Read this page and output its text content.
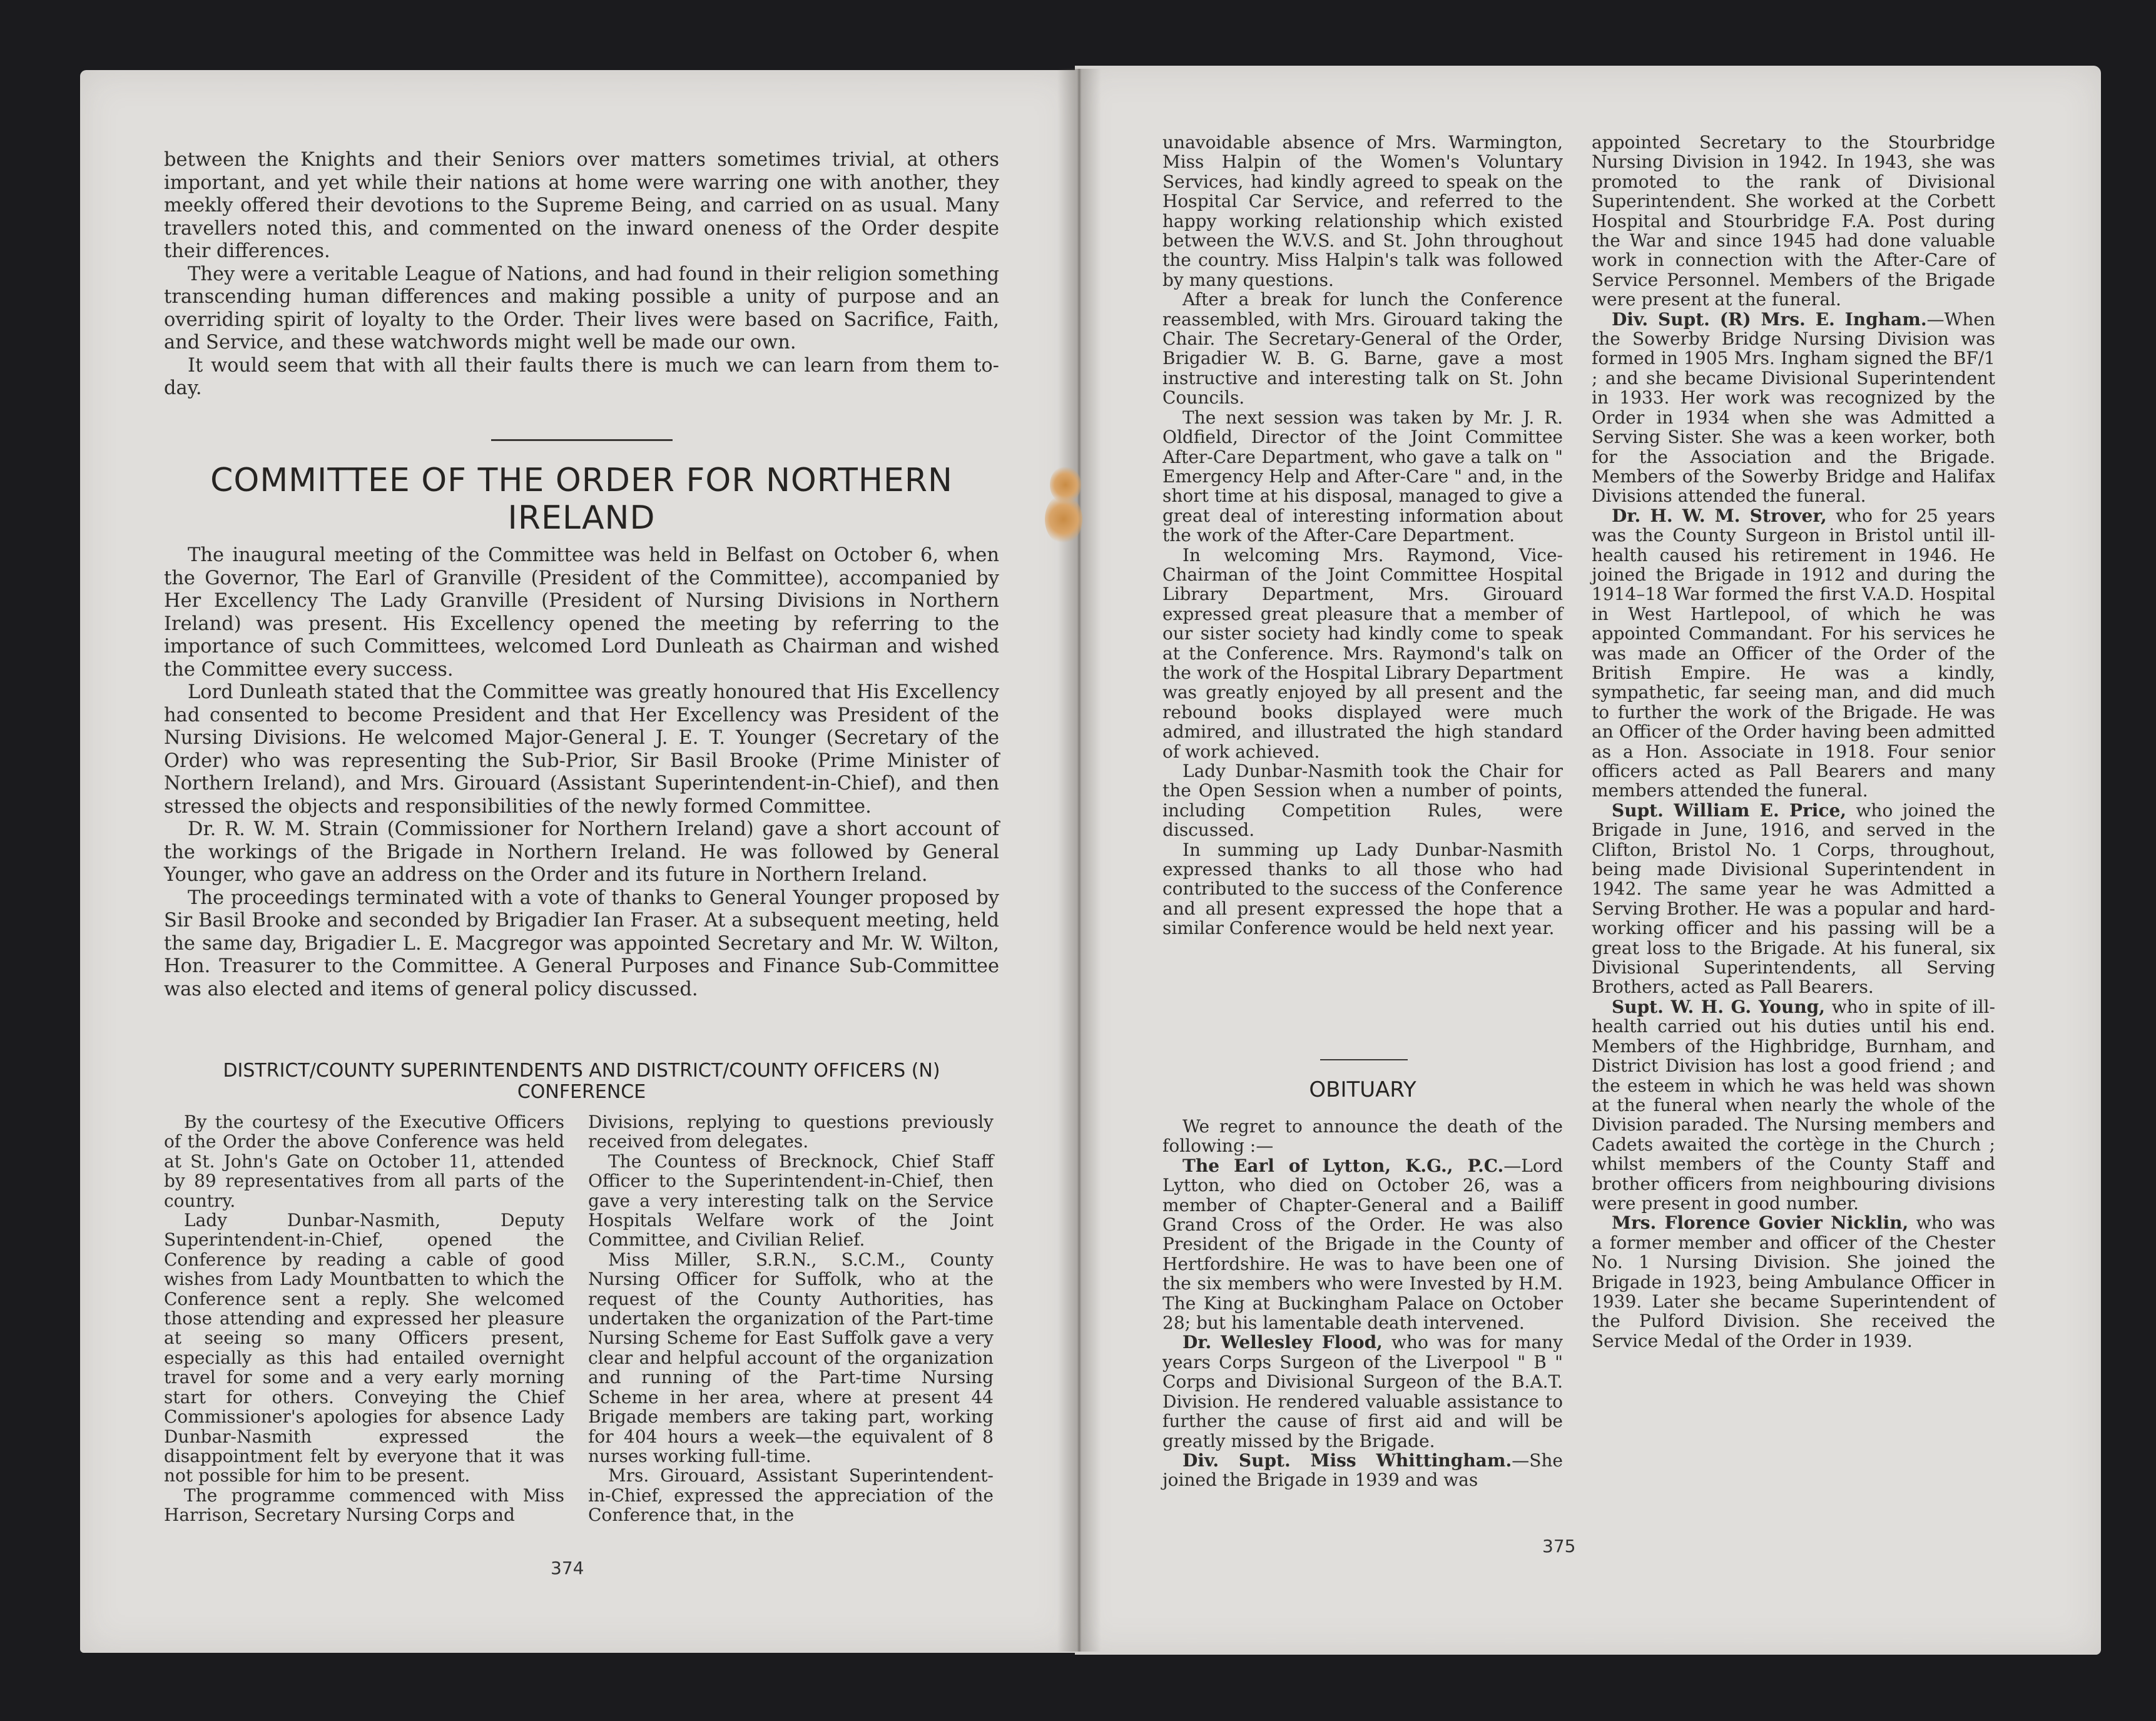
between the Knights and their Seniors over matters sometimes trivial, at others important, and yet while their nations at home were warring one with another, they meekly offered their devotions to the Supreme Being, and carried on as usual. Many travellers noted this, and commented on the inward oneness of the Order despite their differences.

They were a veritable League of Nations, and had found in their religion something transcending human differences and making possible a unity of purpose and an overriding spirit of loyalty to the Order. Their lives were based on Sacrifice, Faith, and Service, and these watchwords might well be made our own.

It would seem that with all their faults there is much we can learn from them to-day.

COMMITTEE OF THE ORDER FOR NORTHERN IRELAND

The inaugural meeting of the Committee was held in Belfast on October 6, when the Governor, The Earl of Granville (President of the Committee), accompanied by Her Excellency The Lady Granville (President of Nursing Divisions in Northern Ireland) was present. His Excellency opened the meeting by referring to the importance of such Committees, welcomed Lord Dunleath as Chairman and wished the Committee every success.

Lord Dunleath stated that the Committee was greatly honoured that His Excellency had consented to become President and that Her Excellency was President of the Nursing Divisions. He welcomed Major-General J. E. T. Younger (Secretary of the Order) who was representing the Sub-Prior, Sir Basil Brooke (Prime Minister of Northern Ireland), and Mrs. Girouard (Assistant Superintendent-in-Chief), and then stressed the objects and responsibilities of the newly formed Committee.

Dr. R. W. M. Strain (Commissioner for Northern Ireland) gave a short account of the workings of the Brigade in Northern Ireland. He was followed by General Younger, who gave an address on the Order and its future in Northern Ireland.

The proceedings terminated with a vote of thanks to General Younger proposed by Sir Basil Brooke and seconded by Brigadier Ian Fraser. At a subsequent meeting, held the same day, Brigadier L. E. Macgregor was appointed Secretary and Mr. W. Wilton, Hon. Treasurer to the Committee. A General Purposes and Finance Sub-Committee was also elected and items of general policy discussed.

DISTRICT/COUNTY SUPERINTENDENTS AND DISTRICT/COUNTY OFFICERS (N) CONFERENCE

By the courtesy of the Executive Officers of the Order the above Conference was held at St. John's Gate on October 11, attended by 89 representatives from all parts of the country.

Lady Dunbar-Nasmith, Deputy Superintendent-in-Chief, opened the Conference by reading a cable of good wishes from Lady Mountbatten to which the Conference sent a reply. She welcomed those attending and expressed her pleasure at seeing so many Officers present, especially as this had entailed overnight travel for some and a very early morning start for others. Conveying the Chief Commissioner's apologies for absence Lady Dunbar-Nasmith expressed the disappointment felt by everyone that it was not possible for him to be present.

The programme commenced with Miss Harrison, Secretary Nursing Corps and

Divisions, replying to questions previously received from delegates.

The Countess of Brecknock, Chief Staff Officer to the Superintendent-in-Chief, then gave a very interesting talk on the Service Hospitals Welfare work of the Joint Committee, and Civilian Relief.

Miss Miller, S.R.N., S.C.M., County Nursing Officer for Suffolk, who at the request of the County Authorities, has undertaken the organization of the Part-time Nursing Scheme for East Suffolk gave a very clear and helpful account of the organization and running of the Part-time Nursing Scheme in her area, where at present 44 Brigade members are taking part, working for 404 hours a week—the equivalent of 8 nurses working full-time.

Mrs. Girouard, Assistant Superintendent-in-Chief, expressed the appreciation of the Conference that, in the

374

unavoidable absence of Mrs. Warmington, Miss Halpin of the Women's Voluntary Services, had kindly agreed to speak on the Hospital Car Service, and referred to the happy working relationship which existed between the W.V.S. and St. John throughout the country. Miss Halpin's talk was followed by many questions.

After a break for lunch the Conference reassembled, with Mrs. Girouard taking the Chair. The Secretary-General of the Order, Brigadier W. B. G. Barne, gave a most instructive and interesting talk on St. John Councils.

The next session was taken by Mr. J. R. Oldfield, Director of the Joint Committee After-Care Department, who gave a talk on " Emergency Help and After-Care " and, in the short time at his disposal, managed to give a great deal of interesting information about the work of the After-Care Department.

In welcoming Mrs. Raymond, Vice-Chairman of the Joint Committee Hospital Library Department, Mrs. Girouard expressed great pleasure that a member of our sister society had kindly come to speak at the Conference. Mrs. Raymond's talk on the work of the Hospital Library Department was greatly enjoyed by all present and the rebound books displayed were much admired, and illustrated the high standard of work achieved.

Lady Dunbar-Nasmith took the Chair for the Open Session when a number of points, including Competition Rules, were discussed.

In summing up Lady Dunbar-Nasmith expressed thanks to all those who had contributed to the success of the Conference and all present expressed the hope that a similar Conference would be held next year.

OBITUARY

We regret to announce the death of the following :—

The Earl of Lytton, K.G., P.C.—Lord Lytton, who died on October 26, was a member of Chapter-General and a Bailiff Grand Cross of the Order. He was also President of the Brigade in the County of Hertfordshire. He was to have been one of the six members who were Invested by H.M. The King at Buckingham Palace on October 28; but his lamentable death intervened.

Dr. Wellesley Flood, who was for many years Corps Surgeon of the Liverpool " B " Corps and Divisional Surgeon of the B.A.T. Division. He rendered valuable assistance to further the cause of first aid and will be greatly missed by the Brigade.

Div. Supt. Miss Whittingham.—She joined the Brigade in 1939 and was

appointed Secretary to the Stourbridge Nursing Division in 1942. In 1943, she was promoted to the rank of Divisional Superintendent. She worked at the Corbett Hospital and Stourbridge F.A. Post during the War and since 1945 had done valuable work in connection with the After-Care of Service Personnel. Members of the Brigade were present at the funeral.

Div. Supt. (R) Mrs. E. Ingham.—When the Sowerby Bridge Nursing Division was formed in 1905 Mrs. Ingham signed the BF/1 ; and she became Divisional Superintendent in 1933. Her work was recognized by the Order in 1934 when she was Admitted a Serving Sister. She was a keen worker, both for the Association and the Brigade. Members of the Sowerby Bridge and Halifax Divisions attended the funeral.

Dr. H. W. M. Strover, who for 25 years was the County Surgeon in Bristol until ill-health caused his retirement in 1946. He joined the Brigade in 1912 and during the 1914–18 War formed the first V.A.D. Hospital in West Hartlepool, of which he was appointed Commandant. For his services he was made an Officer of the Order of the British Empire. He was a kindly, sympathetic, far seeing man, and did much to further the work of the Brigade. He was an Officer of the Order having been admitted as a Hon. Associate in 1918. Four senior officers acted as Pall Bearers and many members attended the funeral.

Supt. William E. Price, who joined the Brigade in June, 1916, and served in the Clifton, Bristol No. 1 Corps, throughout, being made Divisional Superintendent in 1942. The same year he was Admitted a Serving Brother. He was a popular and hard-working officer and his passing will be a great loss to the Brigade. At his funeral, six Divisional Superintendents, all Serving Brothers, acted as Pall Bearers.

Supt. W. H. G. Young, who in spite of ill-health carried out his duties until his end. Members of the Highbridge, Burnham, and District Division has lost a good friend ; and the esteem in which he was held was shown at the funeral when nearly the whole of the Division paraded. The Nursing members and Cadets awaited the cortège in the Church ; whilst members of the County Staff and brother officers from neighbouring divisions were present in good number.

Mrs. Florence Govier Nicklin, who was a former member and officer of the Chester No. 1 Nursing Division. She joined the Brigade in 1923, being Ambulance Officer in 1939. Later she became Superintendent of the Pulford Division. She received the Service Medal of the Order in 1939.

375
